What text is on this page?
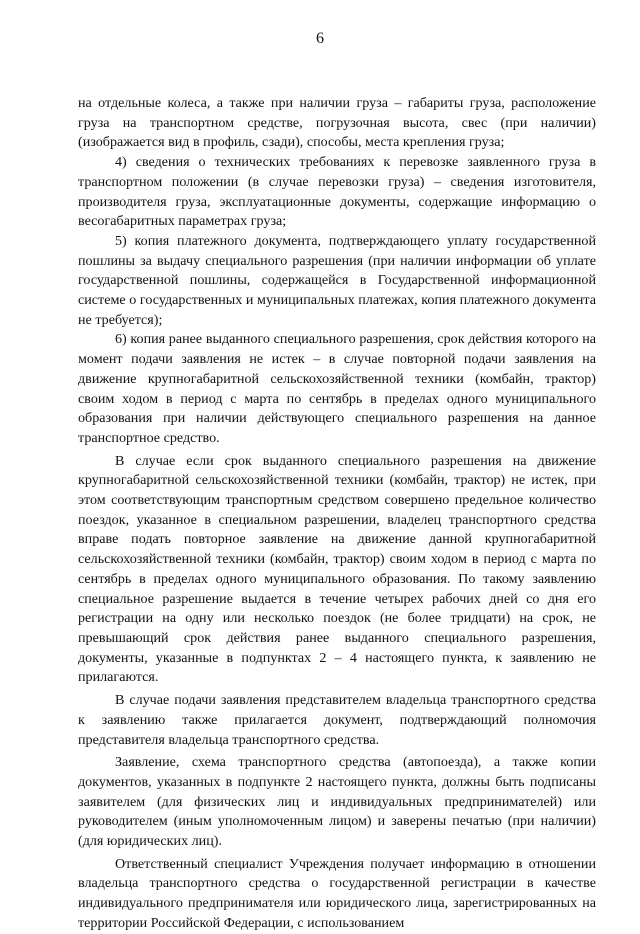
6

на отдельные колеса, а также при наличии груза – габариты груза, расположение груза на транспортном средстве, погрузочная высота, свес (при наличии) (изображается вид в профиль, сзади), способы, места крепления груза;

4) сведения о технических требованиях к перевозке заявленного груза в транспортном положении (в случае перевозки груза) – сведения изготовителя, производителя груза, эксплуатационные документы, содержащие информацию о весогабаритных параметрах груза;

5) копия платежного документа, подтверждающего уплату государственной пошлины за выдачу специального разрешения (при наличии информации об уплате государственной пошлины, содержащейся в Государственной информационной системе о государственных и муниципальных платежах, копия платежного документа не требуется);

6) копия ранее выданного специального разрешения, срок действия которого на момент подачи заявления не истек – в случае повторной подачи заявления на движение крупногабаритной сельскохозяйственной техники (комбайн, трактор) своим ходом в период с марта по сентябрь в пределах одного муниципального образования при наличии действующего специального разрешения на данное транспортное средство.

В случае если срок выданного специального разрешения на движение крупногабаритной сельскохозяйственной техники (комбайн, трактор) не истек, при этом соответствующим транспортным средством совершено предельное количество поездок, указанное в специальном разрешении, владелец транспортного средства вправе подать повторное заявление на движение данной крупногабаритной сельскохозяйственной техники (комбайн, трактор) своим ходом в период с марта по сентябрь в пределах одного муниципального образования. По такому заявлению специальное разрешение выдается в течение четырех рабочих дней со дня его регистрации на одну или несколько поездок (не более тридцати) на срок, не превышающий срок действия ранее выданного специального разрешения, документы, указанные в подпунктах 2 – 4 настоящего пункта, к заявлению не прилагаются.

В случае подачи заявления представителем владельца транспортного средства к заявлению также прилагается документ, подтверждающий полномочия представителя владельца транспортного средства.

Заявление, схема транспортного средства (автопоезда), а также копии документов, указанных в подпункте 2 настоящего пункта, должны быть подписаны заявителем (для физических лиц и индивидуальных предпринимателей) или руководителем (иным уполномоченным лицом) и заверены печатью (при наличии) (для юридических лиц).

Ответственный специалист Учреждения получает информацию в отношении владельца транспортного средства о государственной регистрации в качестве индивидуального предпринимателя или юридического лица, зарегистрированных на территории Российской Федерации, с использованием
